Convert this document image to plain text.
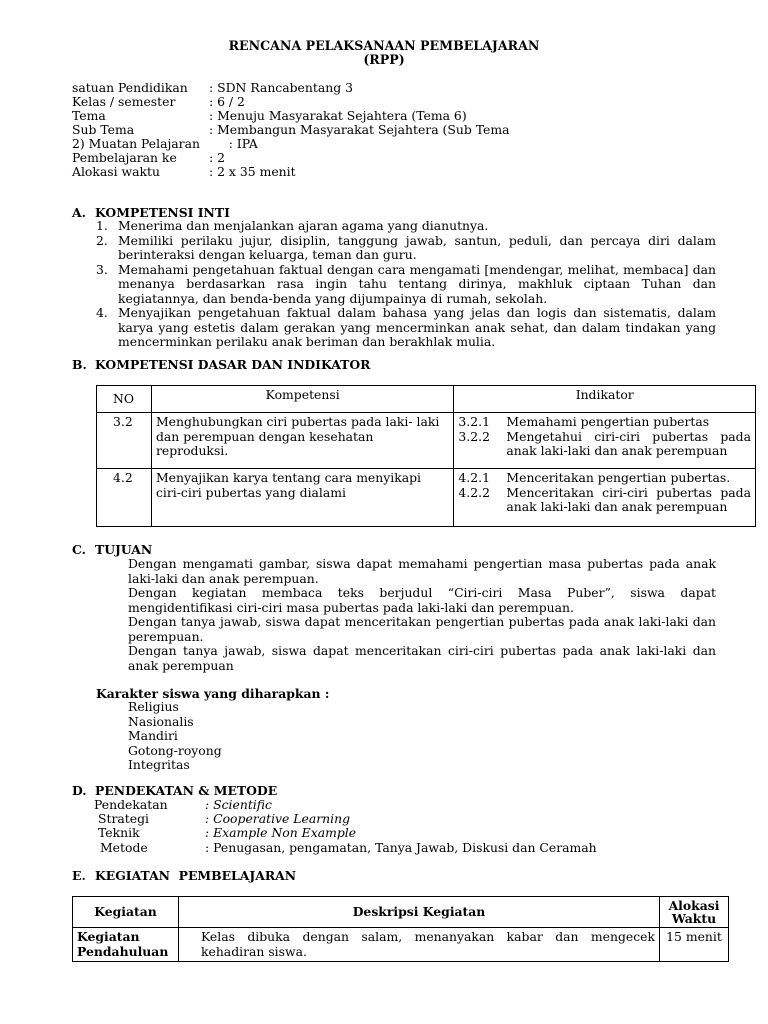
RENCANA PELAKSANAAN PEMBELAJARAN
(RPP)
satuan Pendidikan : SDN Rancabentang 3
Kelas / semester	: 6 / 2
Tema	: Menuju Masyarakat Sejahtera (Tema 6)
Sub Tema	: Membangun Masyarakat Sejahtera (Sub Tema
2) Muatan Pelajaran : IPA
Pembelajaran ke	: 2
Alokasi waktu	: 2 x 35 menit
A. KOMPETENSI INTI
1. Menerima dan menjalankan ajaran agama yang dianutnya.
2. Memiliki perilaku jujur, disiplin, tanggung jawab, santun, peduli, dan percaya diri dalam berinteraksi dengan keluarga, teman dan guru.
3. Memahami pengetahuan faktual dengan cara mengamati [mendengar, melihat, membaca] dan menanya berdasarkan rasa ingin tahu tentang dirinya, makhluk ciptaan Tuhan dan kegiatannya, dan benda-benda yang dijumpainya di rumah, sekolah.
4. Menyajikan pengetahuan faktual dalam bahasa yang jelas dan logis dan sistematis, dalam karya yang estetis dalam gerakan yang mencerminkan anak sehat, dan dalam tindakan yang mencerminkan perilaku anak beriman dan berakhlak mulia.
B. KOMPETENSI DASAR DAN INDIKATOR
NO	Kompetensi	Indikator
3.2	Menghubungkan ciri pubertas pada laki- laki dan perempuan dengan kesehatan reproduksi.	3.2.1 Memahami pengertian pubertas
3.2.2 Mengetahui ciri-ciri pubertas pada anak laki-laki dan anak perempuan

4.2	Menyajikan karya tentang cara menyikapi ciri-ciri pubertas yang dialami	4.2.1 Menceritakan pengertian pubertas.
4.2.2 Menceritakan ciri-ciri pubertas pada anak laki-laki dan anak perempuan
C. TUJUAN
Dengan mengamati gambar, siswa dapat memahami pengertian masa pubertas pada anak laki-laki dan anak perempuan.
Dengan kegiatan membaca teks berjudul “Ciri-ciri Masa Puber”, siswa dapat mengidentifikasi ciri-ciri masa pubertas pada laki-laki dan perempuan.
Dengan tanya jawab, siswa dapat menceritakan pengertian pubertas pada anak laki-laki dan perempuan.
Dengan tanya jawab, siswa dapat menceritakan ciri-ciri pubertas pada anak laki-laki dan anak perempuan
Karakter siswa yang diharapkan :
Religius
Nasionalis
Mandiri
Gotong-royong
Integritas
D. PENDEKATAN & METODE
Pendekatan	: Scientific
Strategi	: Cooperative Learning
Teknik	: Example Non Example
Metode	: Penugasan, pengamatan, Tanya Jawab, Diskusi dan Ceramah
E. KEGIATAN  PEMBELAJARAN
Kegiatan	Deskripsi Kegiatan	Alokasi Waktu
Kegiatan Pendahuluan	Kelas dibuka dengan salam, menanyakan kabar dan mengecek kehadiran siswa.	15 menit
